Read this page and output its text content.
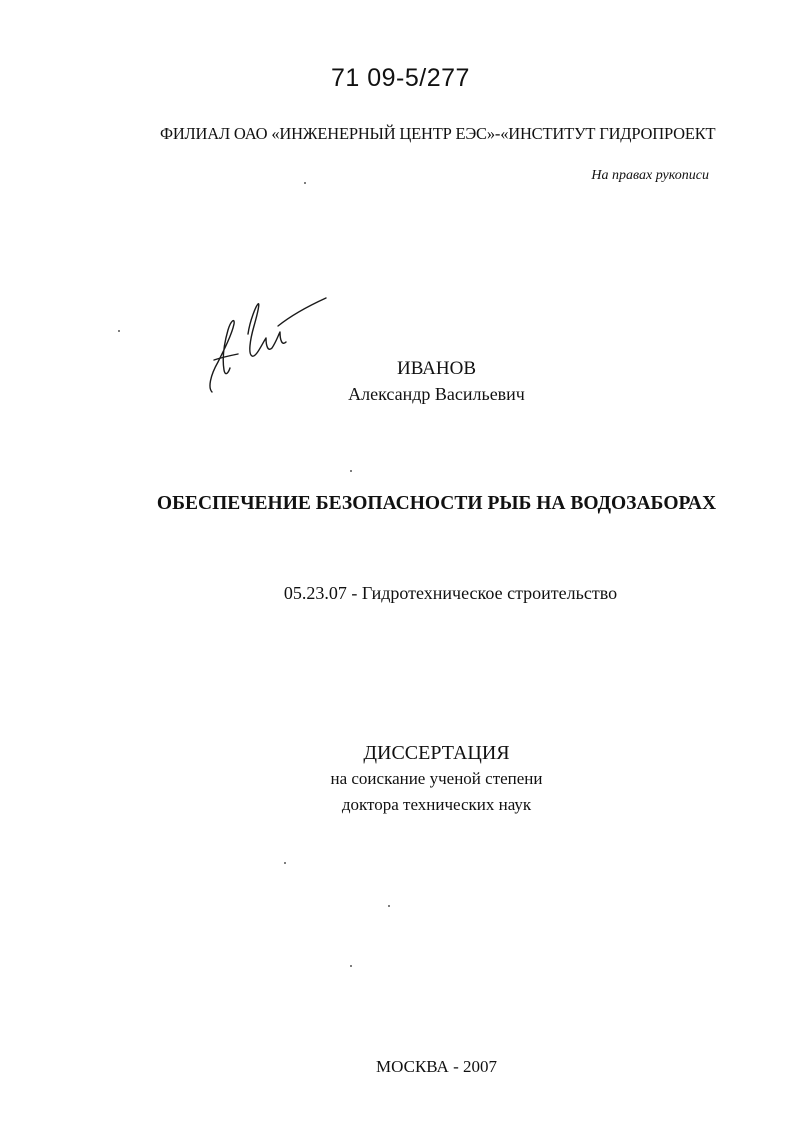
71 09-5/277
ФИЛИАЛ ОАО «ИНЖЕНЕРНЫЙ ЦЕНТР ЕЭС»-«ИНСТИТУТ ГИДРОПРОЕКТ
На правах рукописи
ИВАНОВ
Александр Васильевич
ОБЕСПЕЧЕНИЕ БЕЗОПАСНОСТИ РЫБ НА ВОДОЗАБОРАХ
05.23.07 - Гидротехническое строительство
ДИССЕРТАЦИЯ
на соискание ученой степени
доктора технических наук
МОСКВА - 2007
